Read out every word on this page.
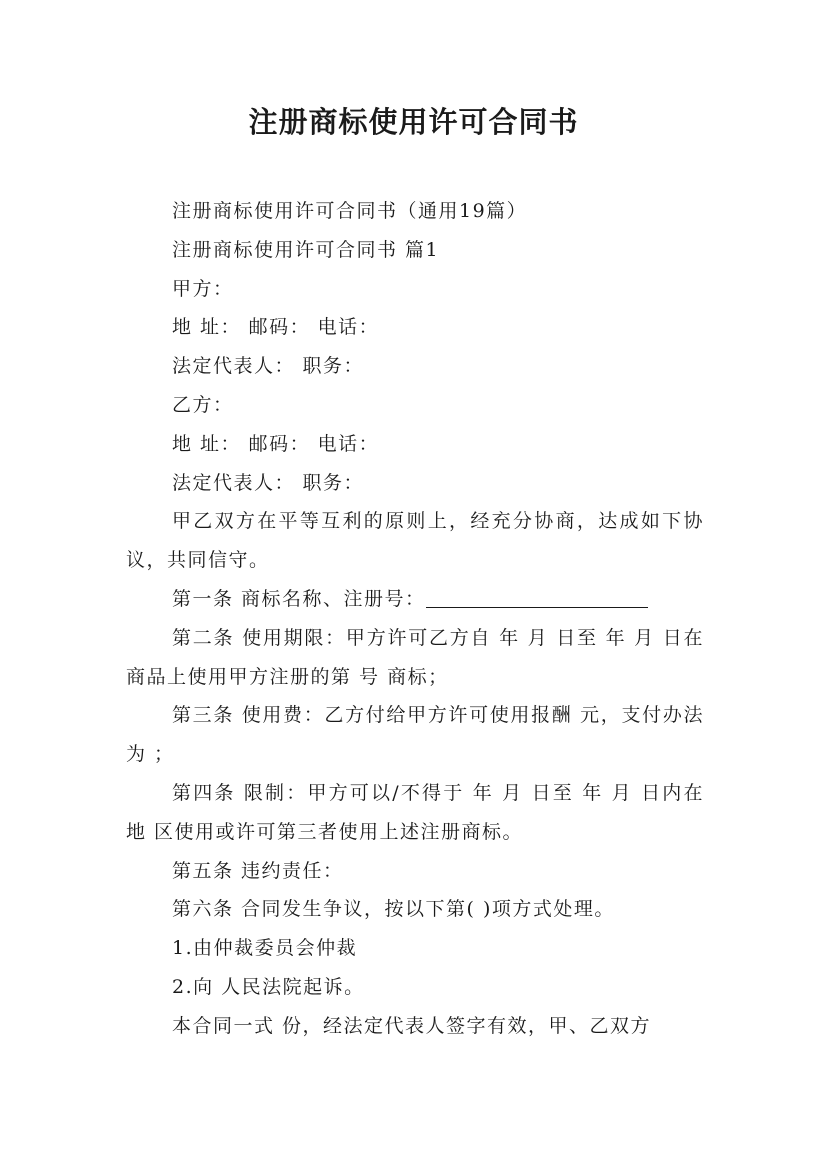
注册商标使用许可合同书

注册商标使用许可合同书（通用19篇）

注册商标使用许可合同书 篇1

甲方：

地 址： 邮码： 电话：

法定代表人： 职务：

乙方：

地 址： 邮码： 电话：

法定代表人： 职务：

甲乙双方在平等互利的原则上，经充分协商，达成如下协议，共同信守。

第一条 商标名称、注册号：

第二条 使用期限：甲方许可乙方自 年 月 日至 年 月 日在 商品上使用甲方注册的第 号 商标；

第三条 使用费：乙方付给甲方许可使用报酬 元，支付办法为 ；

第四条 限制：甲方可以/不得于 年 月 日至 年 月 日内在地 区使用或许可第三者使用上述注册商标。

第五条 违约责任：

第六条 合同发生争议，按以下第( )项方式处理。

1.由仲裁委员会仲裁

2.向 人民法院起诉。

本合同一式 份，经法定代表人签字有效，甲、乙双方
